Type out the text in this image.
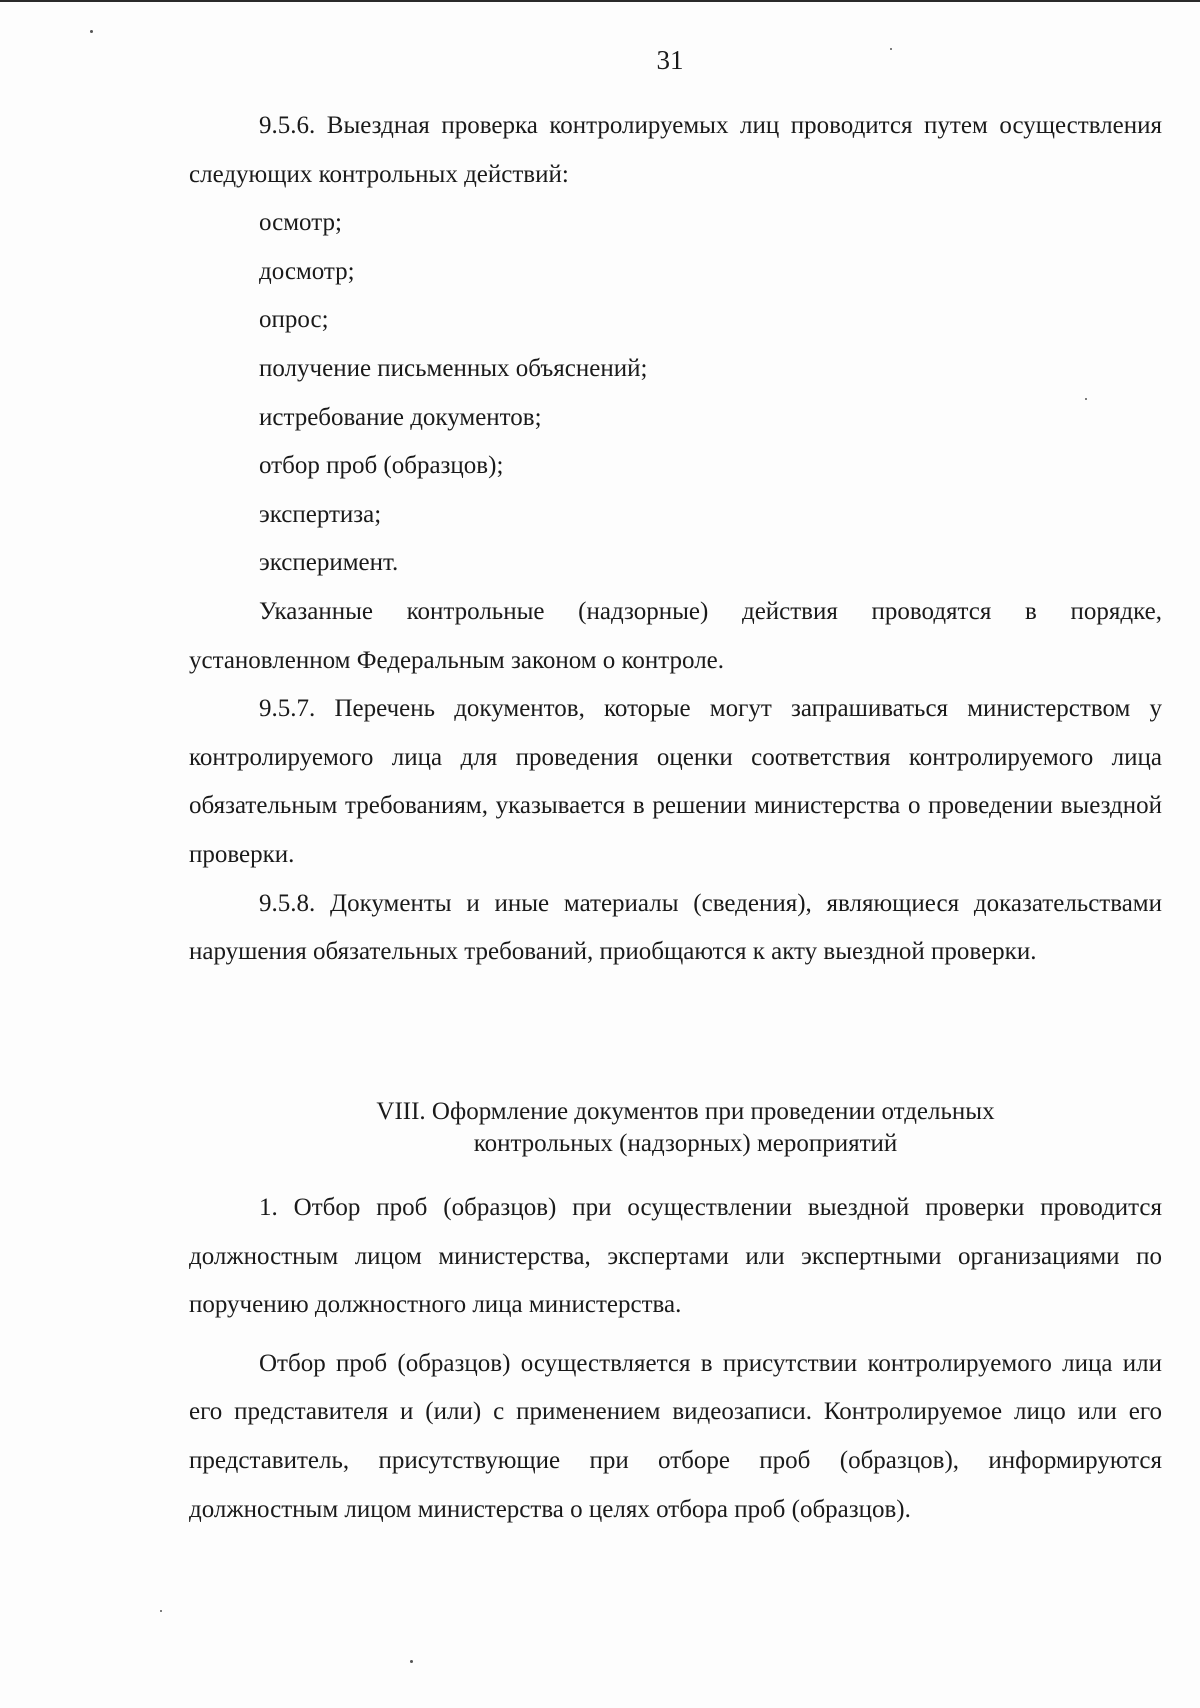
31

9.5.6. Выездная проверка контролируемых лиц проводится путем осуществления следующих контрольных действий:

осмотр;

досмотр;

опрос;

получение письменных объяснений;

истребование документов;

отбор проб (образцов);

экспертиза;

эксперимент.

Указанные контрольные (надзорные) действия проводятся в порядке, установленном Федеральным законом о контроле.

9.5.7. Перечень документов, которые могут запрашиваться министерством у контролируемого лица для проведения оценки соответствия контролируемого лица обязательным требованиям, указывается в решении министерства о проведении выездной проверки.

9.5.8. Документы и иные материалы (сведения), являющиеся доказательствами нарушения обязательных требований, приобщаются к акту выездной проверки.

VIII. Оформление документов при проведении отдельных
контрольных (надзорных) мероприятий

1. Отбор проб (образцов) при осуществлении выездной проверки проводится должностным лицом министерства, экспертами или экспертными организациями по поручению должностного лица министерства.

Отбор проб (образцов) осуществляется в присутствии контролируемого лица или его представителя и (или) с применением видеозаписи. Контролируемое лицо или его представитель, присутствующие при отборе проб (образцов), информируются должностным лицом министерства о целях отбора проб (образцов).
